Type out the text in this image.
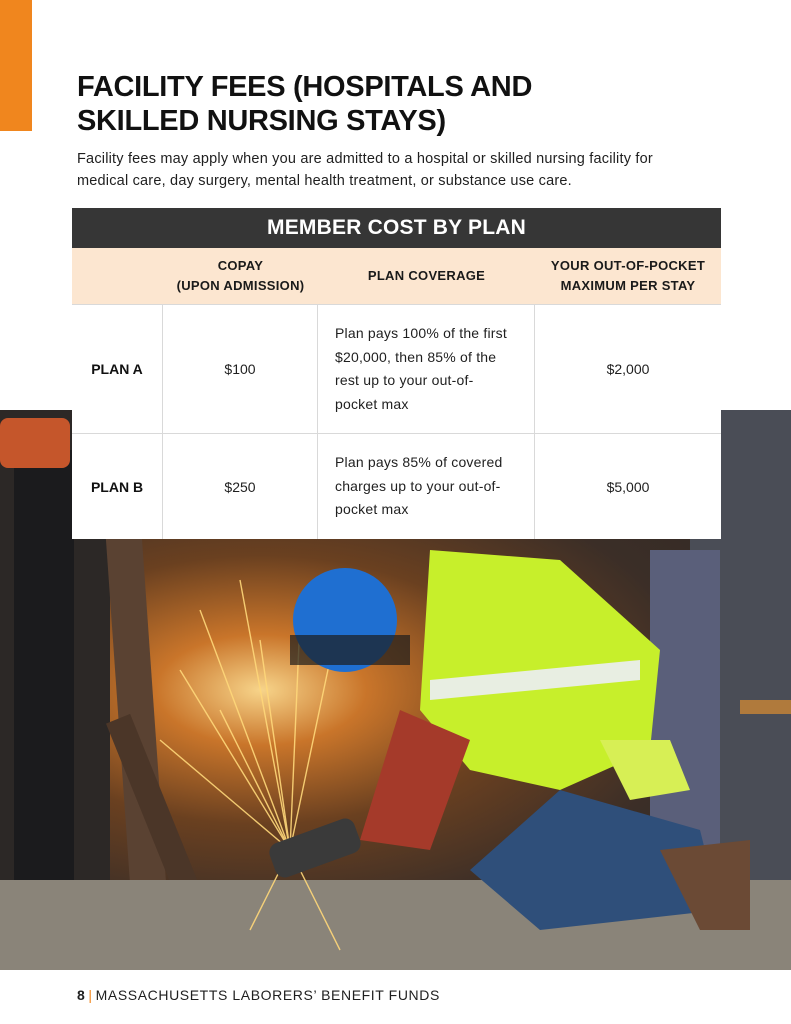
FACILITY FEES (HOSPITALS AND
SKILLED NURSING STAYS)

Facility fees may apply when you are admitted to a hospital or skilled nursing facility for
medical care, day surgery, mental health treatment, or substance use care.

MEMBER COST BY PLAN
COPAY
(UPON ADMISSION)
PLAN COVERAGE
YOUR OUT-OF-POCKET
MAXIMUM PER STAY
PLAN A	$100
Plan pays 100% of the first
$20,000, then 85% of the
rest up to your out-of-
pocket max
$2,000
PLAN B	$250
Plan pays 85% of covered
charges up to your out-of-
pocket max
$5,000
8 | MASSACHUSETTS LABORERS’ BENEFIT FUNDS
